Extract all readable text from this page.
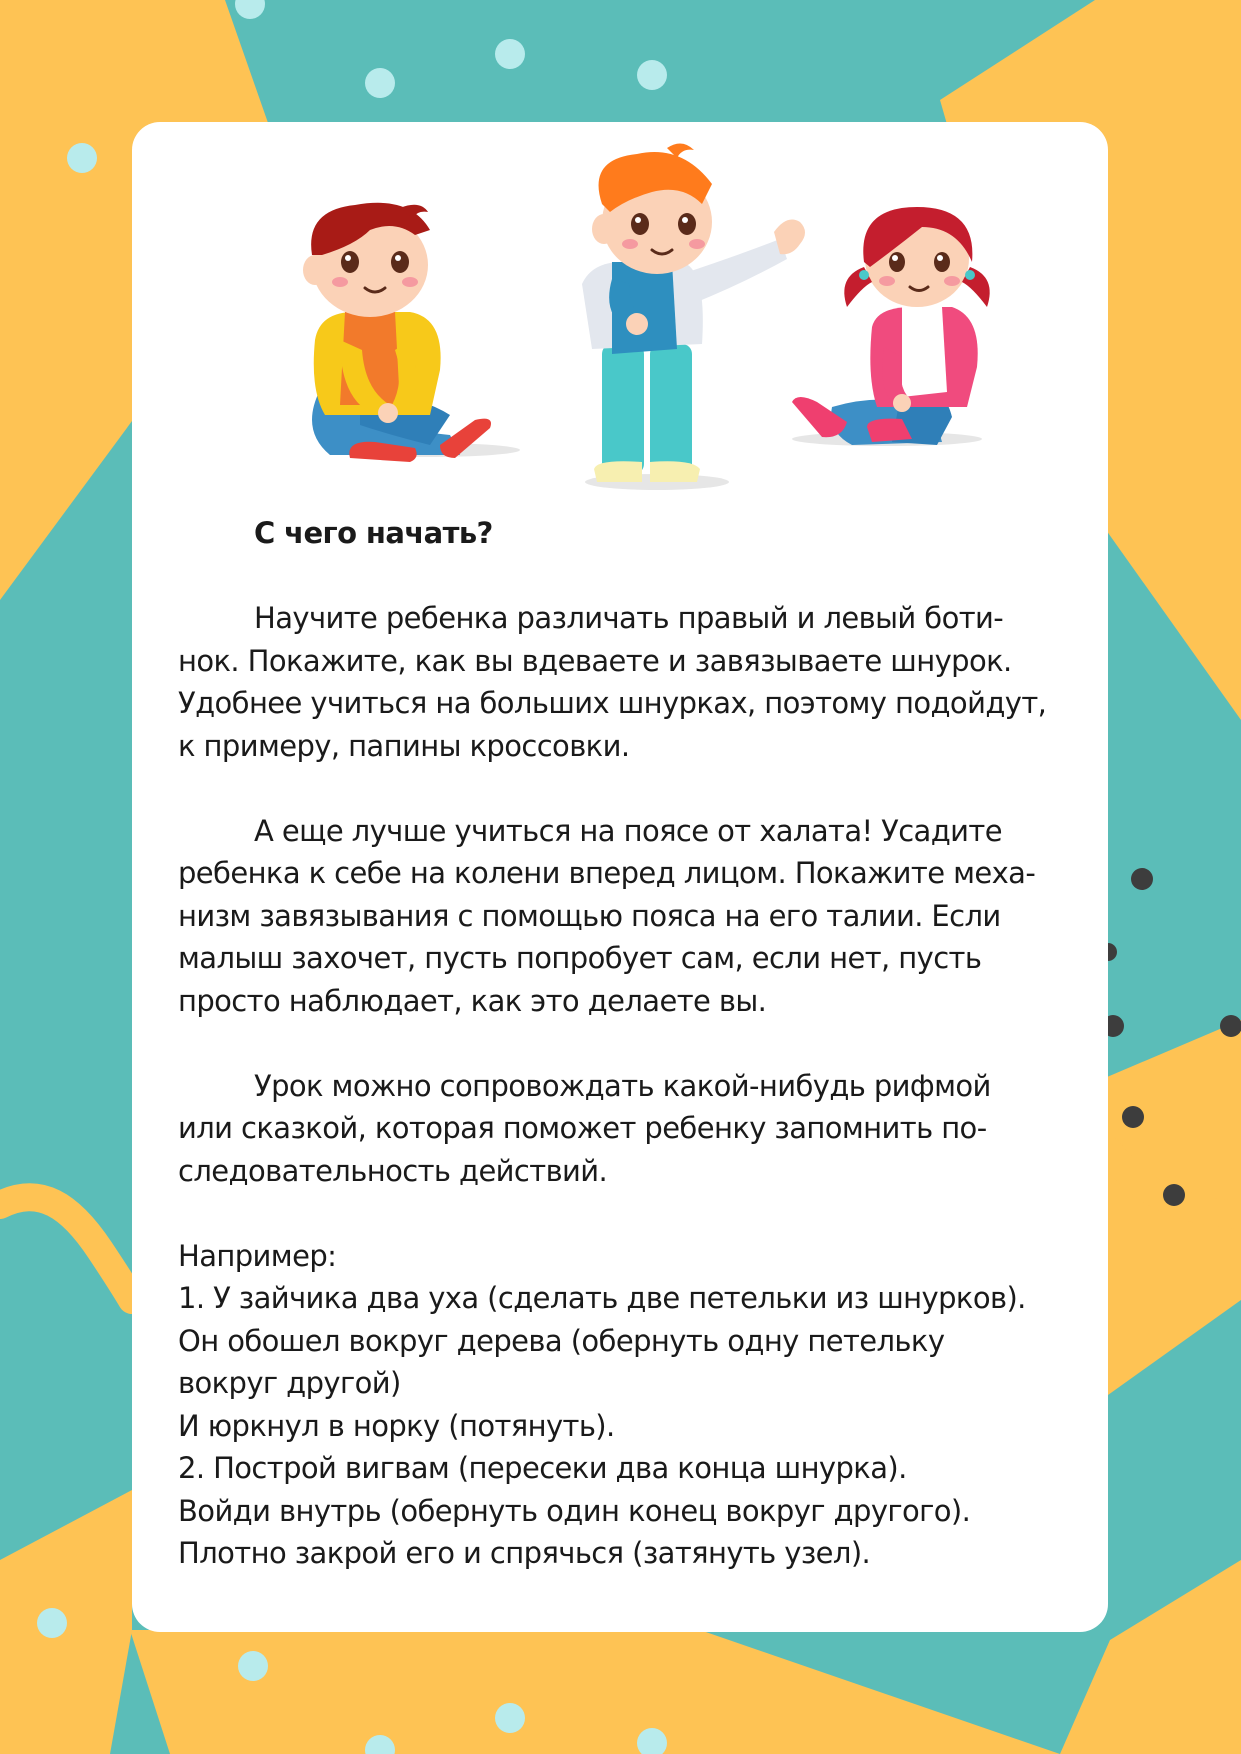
С чего начать?
Научите ребенка различать правый и левый боти-
нок. Покажите, как вы вдеваете и завязываете шнурок.
Удобнее учиться на больших шнурках, поэтому подойдут,
к примеру, папины кроссовки.
А еще лучше учиться на поясе от халата! Усадите
ребенка к себе на колени вперед лицом. Покажите меха-
низм завязывания с помощью пояса на его талии. Если
малыш захочет, пусть попробует сам, если нет, пусть
просто наблюдает, как это делаете вы.
Урок можно сопровождать какой-нибудь рифмой
или сказкой, которая поможет ребенку запомнить по-
следовательность действий.
Например:
1. У зайчика два уха (сделать две петельки из шнурков).
Он обошел вокруг дерева (обернуть одну петельку
вокруг другой)
И юркнул в норку (потянуть).
2. Построй вигвам (пересеки два конца шнурка).
Войди внутрь (обернуть один конец вокруг другого).
Плотно закрой его и спрячься (затянуть узел).
